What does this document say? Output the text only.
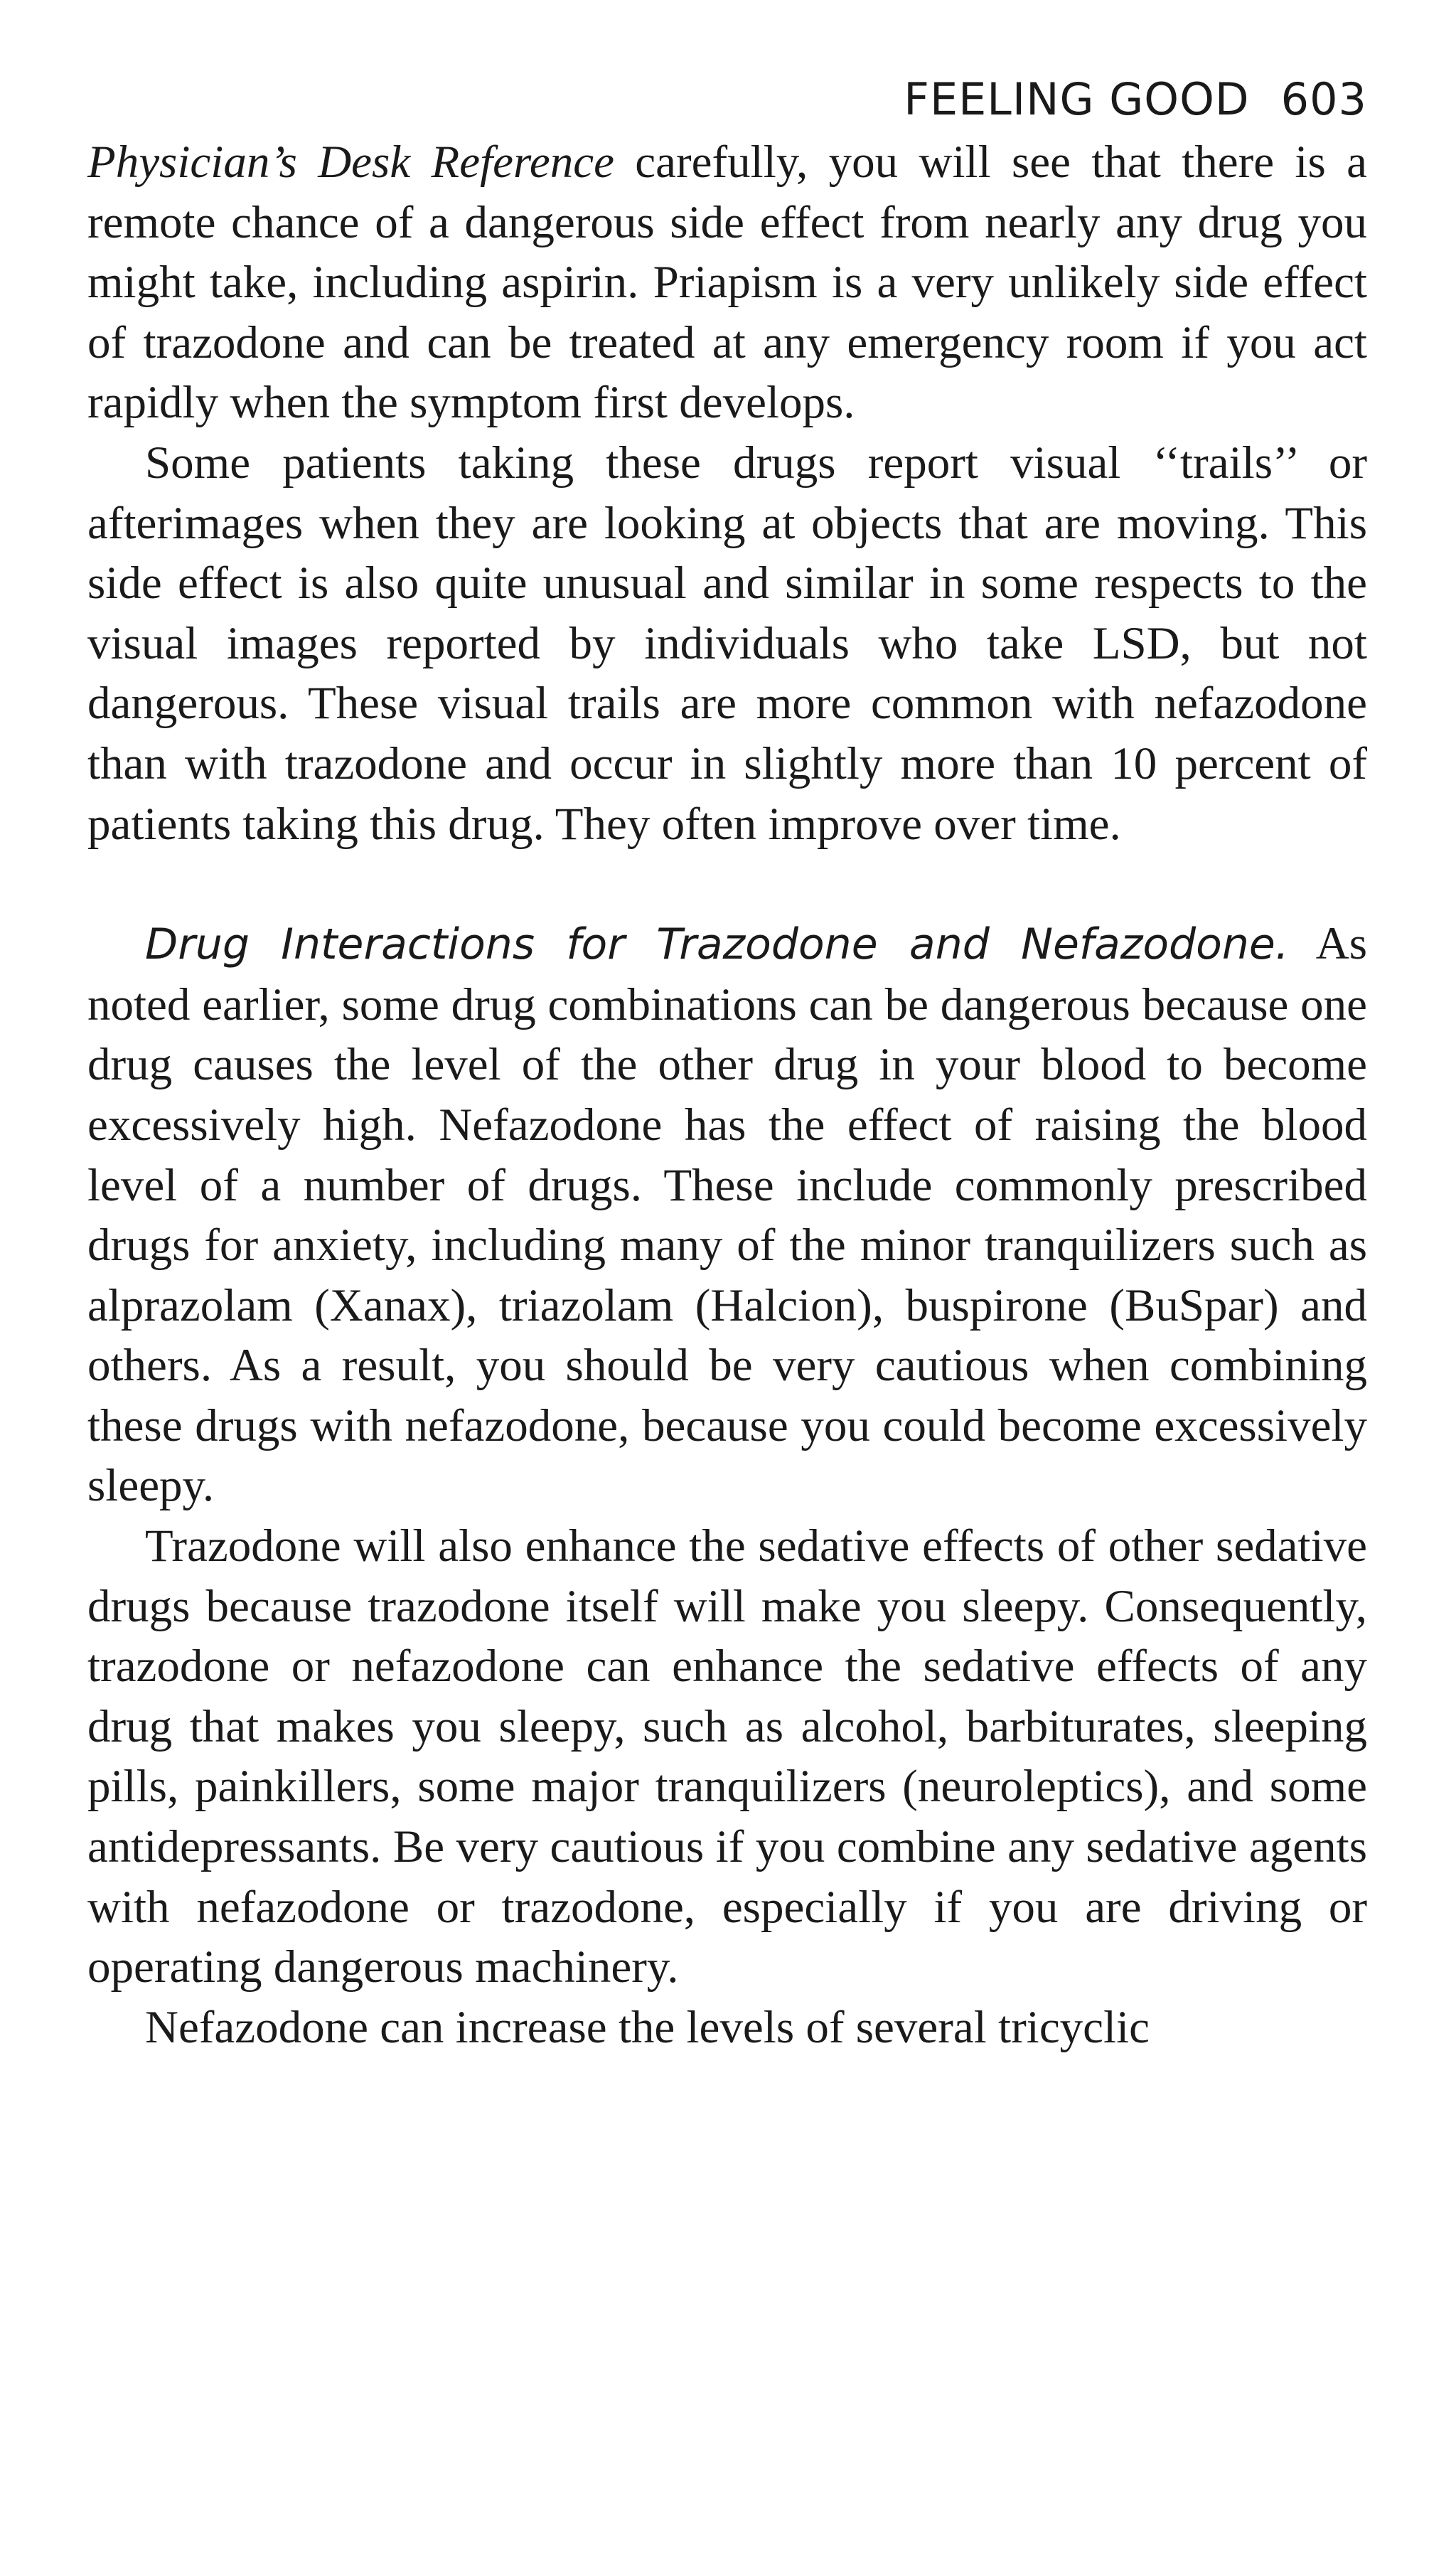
FEELING GOOD 603

Physician’s Desk Reference carefully, you will see that there is a remote chance of a dangerous side effect from nearly any drug you might take, including aspirin. Priapism is a very unlikely side effect of trazodone and can be treated at any emergency room if you act rapidly when the symptom first develops.

Some patients taking these drugs report visual ‘‘trails’’ or afterimages when they are looking at objects that are moving. This side effect is also quite unusual and similar in some respects to the visual images reported by individuals who take LSD, but not dangerous. These visual trails are more common with nefazodone than with trazodone and occur in slightly more than 10 percent of patients taking this drug. They often improve over time.

Drug Interactions for Trazodone and Nefazodone. As noted earlier, some drug combinations can be dangerous because one drug causes the level of the other drug in your blood to become excessively high. Nefazodone has the effect of raising the blood level of a number of drugs. These include commonly prescribed drugs for anxiety, including many of the minor tranquilizers such as alprazolam (Xanax), triazolam (Halcion), buspirone (BuSpar) and others. As a result, you should be very cautious when combining these drugs with nefazodone, because you could become excessively sleepy.

Trazodone will also enhance the sedative effects of other sedative drugs because trazodone itself will make you sleepy. Consequently, trazodone or nefazodone can enhance the sedative effects of any drug that makes you sleepy, such as alcohol, barbiturates, sleeping pills, painkillers, some major tranquilizers (neuroleptics), and some antidepressants. Be very cautious if you combine any sedative agents with nefazodone or trazodone, especially if you are driving or operating dangerous machinery.

Nefazodone can increase the levels of several tricyclic
